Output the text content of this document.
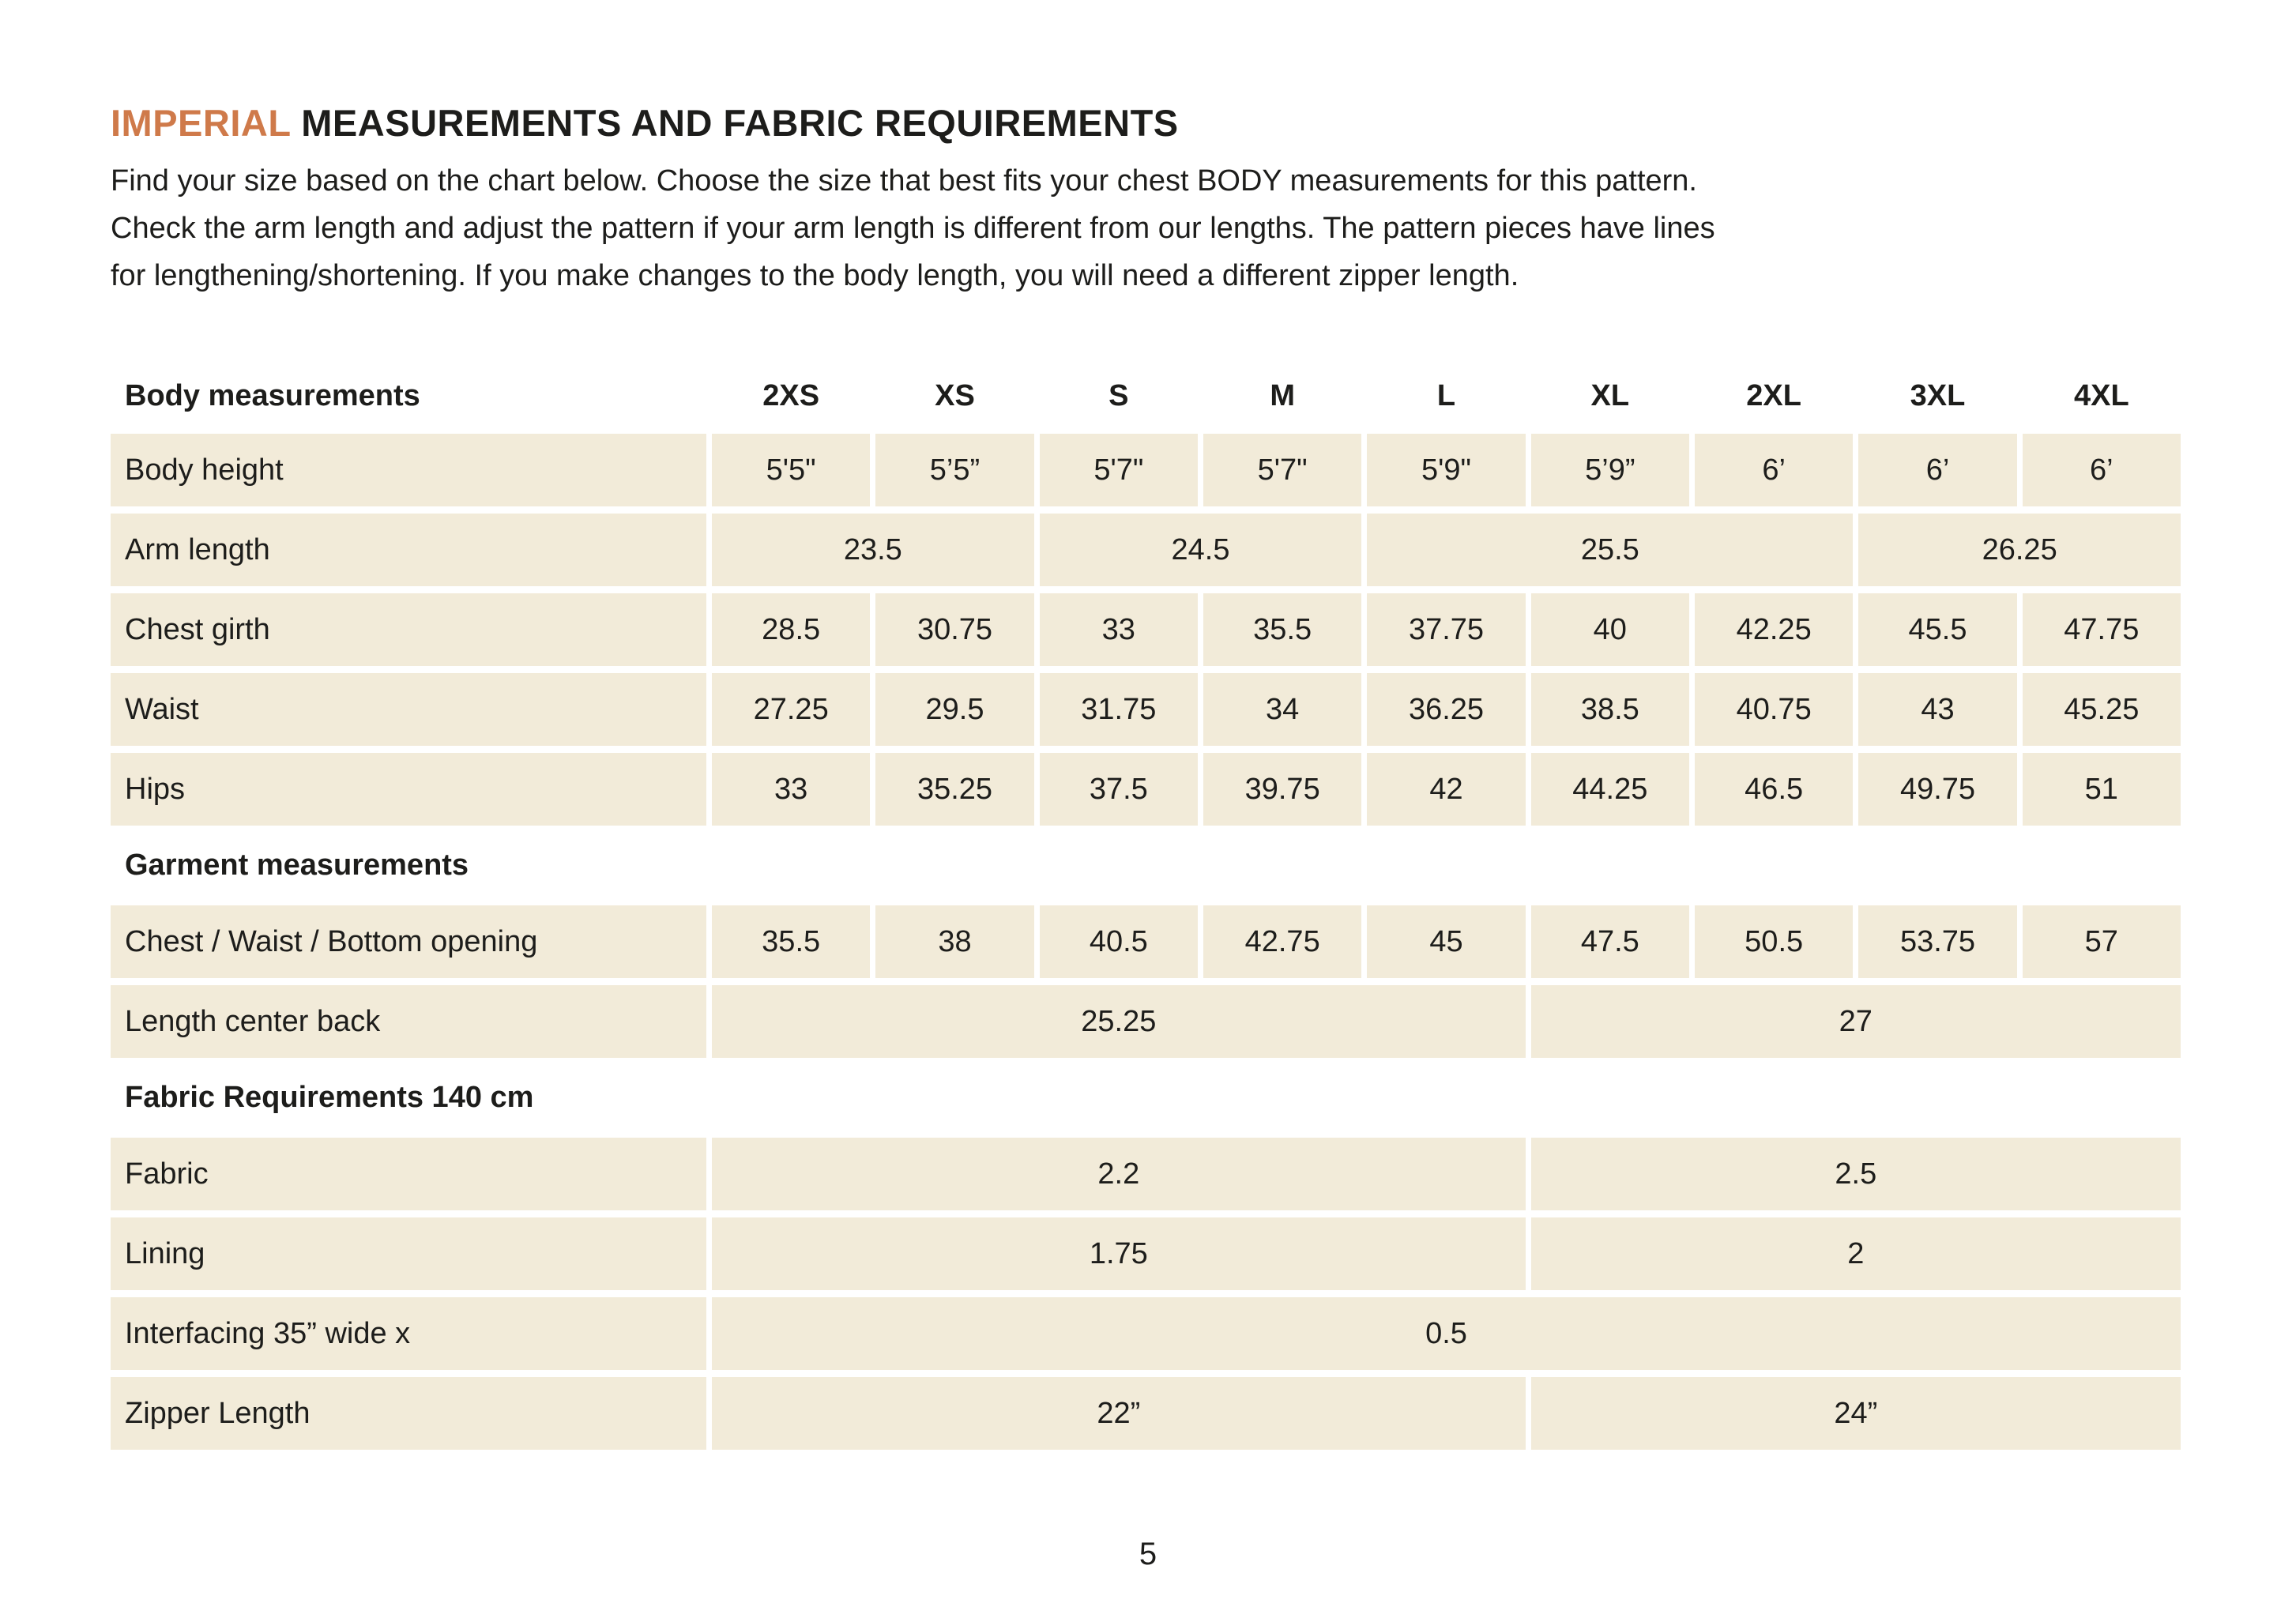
IMPERIAL MEASUREMENTS AND FABRIC REQUIREMENTS
Find your size based on the chart below. Choose the size that best fits your chest BODY measurements for this pattern.
Check the arm length and adjust the pattern if your arm length is different from our lengths. The pattern pieces have lines
for lengthening/shortening. If you make changes to the body length, you will need a different zipper length.
Body measurements	2XS	XS	S	M	L	XL	2XL	3XL	4XL
Body height	5'5"	5’5”	5'7"	5'7"	5'9"	5’9”	6’	6’	6’
Arm length	23.5	24.5	25.5	26.25
Chest girth	28.5	30.75	33	35.5	37.75	40	42.25	45.5	47.75
Waist	27.25	29.5	31.75	34	36.25	38.5	40.75	43	45.25
Hips	33	35.25	37.5	39.75	42	44.25	46.5	49.75	51
Garment measurements
Chest / Waist / Bottom opening	35.5	38	40.5	42.75	45	47.5	50.5	53.75	57
Length center back	25.25	27
Fabric Requirements 140 cm
Fabric	2.2	2.5
Lining	1.75	2
Interfacing 35” wide x	0.5
Zipper Length	22”	24”
5
